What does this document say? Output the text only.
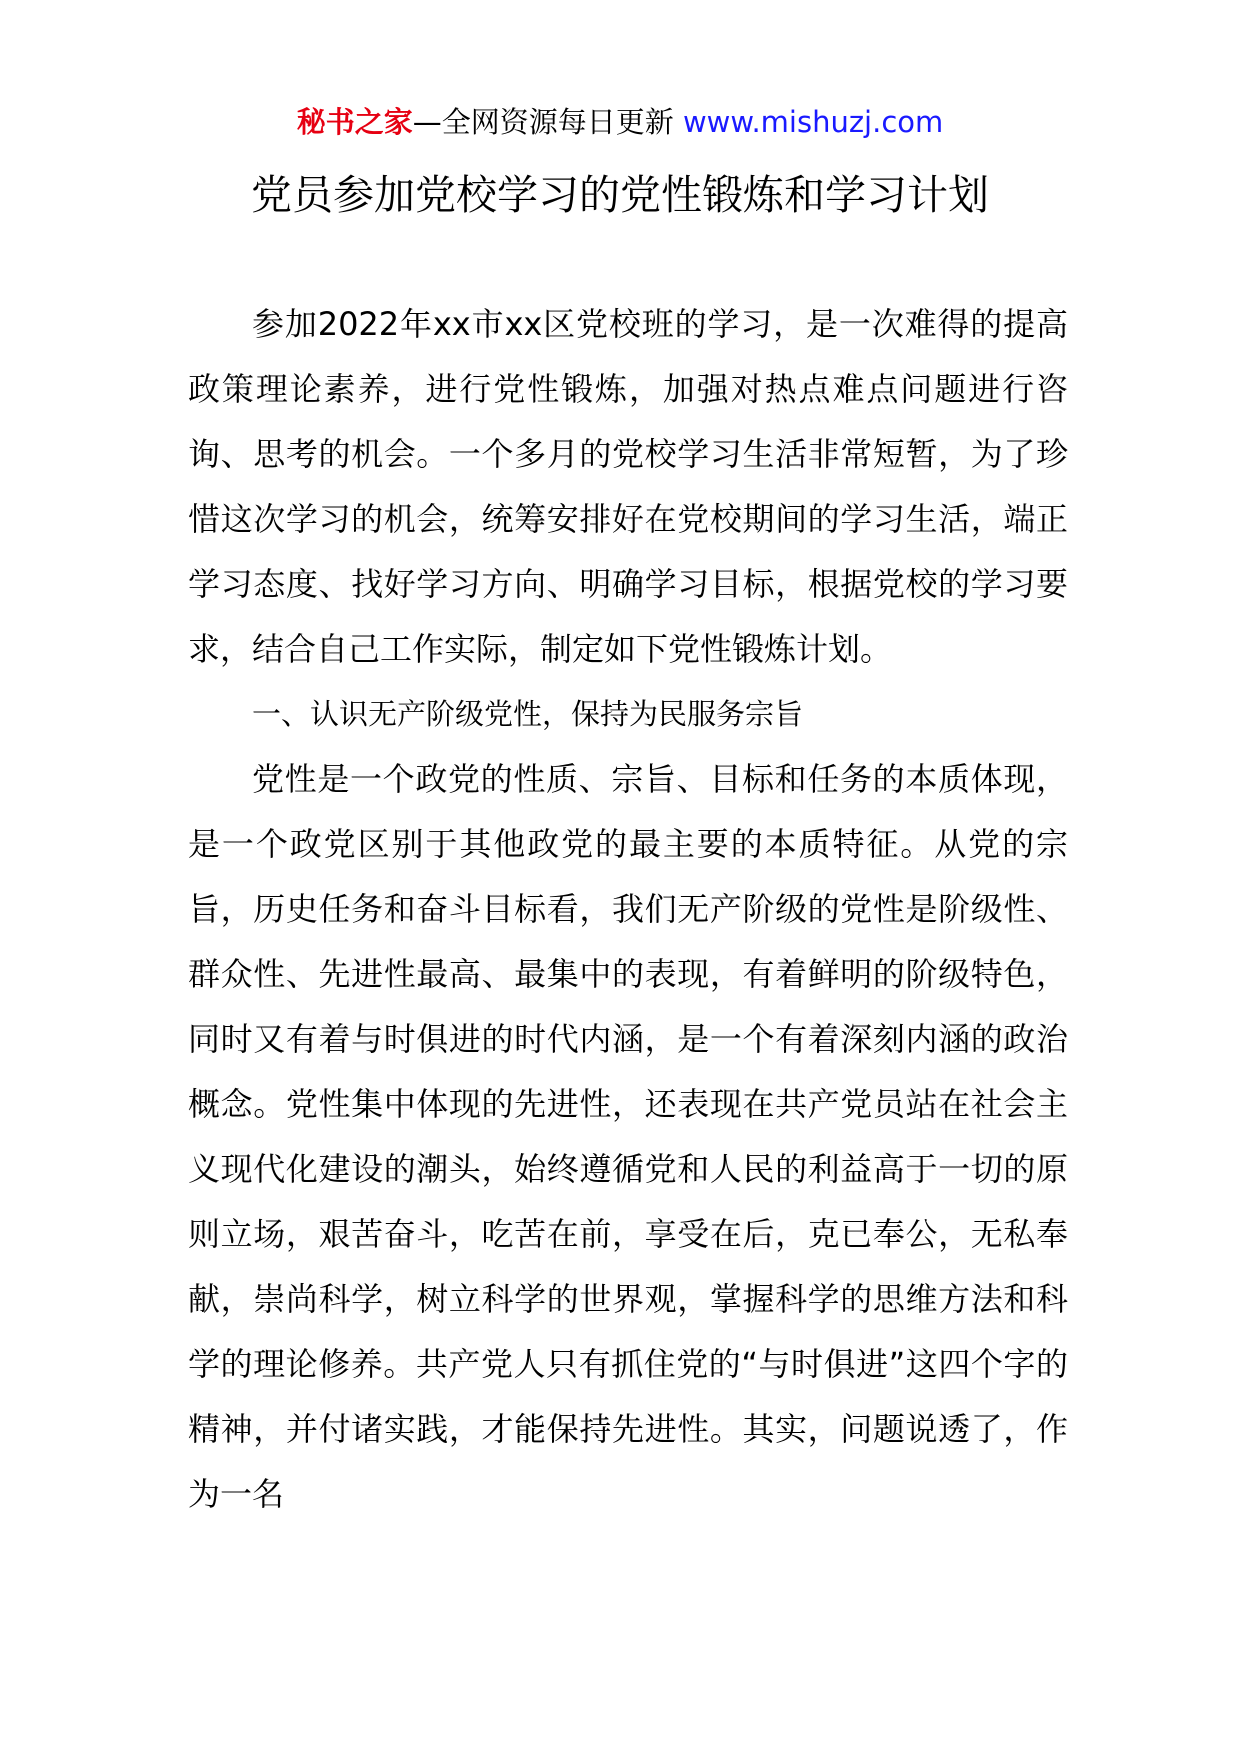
秘书之家—全网资源每日更新 www.mishuzj.com
党员参加党校学习的党性锻炼和学习计划

参加2022年xx市xx区党校班的学习，是一次难得的提高政策理论素养，进行党性锻炼，加强对热点难点问题进行咨询、思考的机会。一个多月的党校学习生活非常短暂，为了珍惜这次学习的机会，统筹安排好在党校期间的学习生活，端正学习态度、找好学习方向、明确学习目标，根据党校的学习要求，结合自己工作实际，制定如下党性锻炼计划。

一、认识无产阶级党性，保持为民服务宗旨

党性是一个政党的性质、宗旨、目标和任务的本质体现，是一个政党区别于其他政党的最主要的本质特征。从党的宗旨，历史任务和奋斗目标看，我们无产阶级的党性是阶级性、群众性、先进性最高、最集中的表现，有着鲜明的阶级特色，同时又有着与时俱进的时代内涵，是一个有着深刻内涵的政治概念。党性集中体现的先进性，还表现在共产党员站在社会主义现代化建设的潮头，始终遵循党和人民的利益高于一切的原则立场，艰苦奋斗，吃苦在前，享受在后，克已奉公，无私奉献，崇尚科学，树立科学的世界观，掌握科学的思维方法和科学的理论修养。共产党人只有抓住党的“与时俱进”这四个字的精神，并付诸实践，才能保持先进性。其实，问题说透了，作为一名
